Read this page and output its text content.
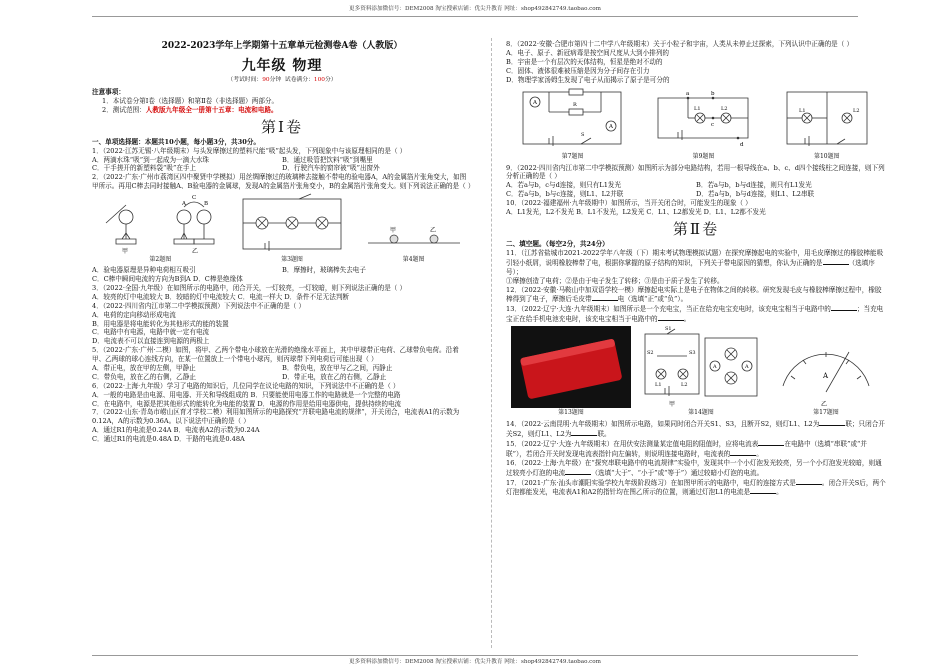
更多资料添加微信号：DEM2008 淘宝搜索店铺：优尖升教育 网址：shop492842749.taobao.com
2022-2023学年上学期第十五章单元检测卷A卷（人教版）
九年级 物理
（考试时间：90分钟 试卷满分：100分）

注意事项：

1．本试卷分第Ⅰ卷（选择题）和第Ⅱ卷（非选择题）两部分。

2．测试范围：人教版九年级全一册第十五章：电流和电路。

第Ⅰ卷

一、单项选择题：本题共10小题，每小题3分，共30分。

1．（2022·江苏无锡·八年级期末）与头发摩擦过的塑料尺能“吸”起头发，下列现象中与该原理相同的是（ ）

A．两滴水珠“吸”到一起成为一滴大水珠	B．通过吸管把饮料“吸”到嘴里
C．干手搓开的新塑料袋“吸”在手上	D．行驶汽车的窗帘被“吸”出窗外

2．（2022·广东·广州市荔湾区四中聚贤中学模拟）用丝绸摩擦过的玻璃棒去接触不带电的验电器A，A的金属箔片张角变大，如图甲所示。再用C棒去同时接触A、B验电器的金属球，发现A的金属箔片张角变小，B的金属箔片张角变大。则下列说法正确的是（ ）

A
C
B
甲	乙
第2题图	第3题图
甲	乙
第4题图
A．验电器原理是异种电荷相互吸引	B．摩擦时，玻璃棒失去电子

C．C棒中瞬间电流的方向为B到A D．C棒是绝缘体

3．（2022·全国·九年级）在如图所示的电路中，闭合开关，一灯较亮，一灯较暗，则下列说法正确的是（ ）

A．较亮的灯中电流较大 B．较暗的灯中电流较大 C．电流一样大 D．条件不足无法判断

4．（2022·四川省内江市第二中学模拟预测）下列说法中不正确的是（ ）

A．电荷的定向移动形成电流

B．用电器是将电能转化为其他形式的能的装置

C．电路中有电源，电路中就一定有电流

D．电流表不可以直接连到电源的两极上

5．（2022·广东·广州·二模）如图，将甲、乙两个带电小球放在光滑的绝缘水平面上，其中甲球带正电荷、乙球带负电荷。沿着甲、乙两球的球心连线方向，在某一位置放上一个带电小球丙，则丙球带下列电荷后可能出现（ ）

A．带正电，放在甲的左侧，甲静止	B．带负电，放在甲与乙之间，丙静止
C．带负电，放在乙的右侧，乙静止	D．带正电，放在乙的右侧，乙静止

6．（2022·上海·九年级）学习了电路的知识后，几位同学在议论电路的知识，下列说法中不正确的是（ ）

A．一般的电路是由电源、用电器、开关和导线组成的 B．只要能使用电器工作的电路就是一个完整的电路

C．在电路中，电源是把其他形式的能转化为电能的装置 D．电源的作用是给用电器供电，提供持续的电流

7．（2022·山东·青岛市崂山区育才学校二模）利用如图所示的电路探究“并联电路电流的规律”，开关闭合，电流表A1的示数为0.12A，A的示数为0.36A。以下说法中正确的是（ ）

A．通过R1的电流是0.24A B．电流表A2的示数为0.24A

C．通过R1的电流是0.48A D．干路的电流是0.48A

8．（2022·安徽·合肥市第四十二中学八年级期末）关于小粒子和宇宙，人类从未停止过探索，下列认识中正确的是（ ）

A．电子、原子、新冠病毒是按空间尺度从大到小排列的

B．宇宙是一个有层次的天体结构，恒星是绝对不动的

C．固体、液体很难被压缩是因为分子间存在引力

D．物理学家汤姆生发现了电子从而揭示了原子是可分的

A
A
R
S
第7题图
a	b
c
d
L1	L2
第9题图
L1	L2
第10题图

9．（2022·四川省内江市第二中学模拟预测）如图所示为部分电路结构，若用一根导线在a、b、c、d四个接线柱之间连接，则下列分析正确的是（ ）

A．若a与b，c与d连接，则只有L1发光	B．若a与b，b与d连接，则只有L1发光
C．若a与b，b与c连接，则L1、L2并联	D．若a与b，b与d连接，则L1、L2串联

10．（2022·福建福州·九年级期中）如图所示，当开关闭合时，可能发生的现象（ ）

A．L1发光，L2不发光 B．L1不发光，L2发光 C．L1、L2都发光 D．L1、L2都不发光

第Ⅱ卷

二、填空题。（每空2分，共24分）

11．（江苏省盐城市2021-2022学年八年级（下）期末考试物理模拟试题）在探究摩擦起电的实验中，用毛皮摩擦过的橡胶棒能吸引轻小纸屑，说明橡胶棒带了电，根据你掌握的原子结构的知识，下列关于带电原因的猜想，你认为正确的是	（选填序号）；

①摩擦创造了电荷；②是由于电子发生了转移；③是由于质子发生了转移。

12．（2022·安徽·马鞍山中加双语学校一模）摩擦起电实际上是电子在物体之间的转移。研究发现毛皮与橡胶棒摩擦过程中，橡胶棒得到了电子，摩擦后毛皮带	电（选填“正”或“负”）。

13．（2022·辽宁·大连·九年级期末）如图所示是一个充电宝，当正在给充电宝充电时，该充电宝相当于电路中的	；当充电宝正在给手机电池充电时，该充电宝相当于电路中的	。

第13题图
S1
S2	S3
L1	L2
A	A
甲
第14题图
A
乙
第17题图

14．（2022·云南昆明·九年级期末）如图所示电路，如果同时闭合开关S1、S3，且断开S2，则灯L1、L2为	联；只闭合开关S2，则灯L1、L2为	联。

15．（2022·辽宁·大连·九年级期末）在用伏安法测量某定值电阻的阻值时，应将电流表	在电路中（选填“串联”或“并联”），若闭合开关时发现电流表指针向左偏转，则说明连接电路时，电流表的	。

16．（2022·上海·九年级）在“探究串联电路中的电流规律”实验中，发现其中一个小灯泡发光较亮，另一个小灯泡发光较暗，则通过较亮小灯泡的电流	（选填“大于”、“小于”或“等于”）通过较暗小灯泡的电流。

17．（2021·广东·汕头市潮阳实验学校九年级阶段练习）在如图甲所示的电路中，电灯的连接方式是	。闭合开关S后，两个灯泡都能发光，电流表A1和A2的指针均在图乙所示的位置，则通过灯泡L1的电流是	。

更多资料添加微信号：DEM2008 淘宝搜索店铺：优尖升教育 网址：shop492842749.taobao.com
